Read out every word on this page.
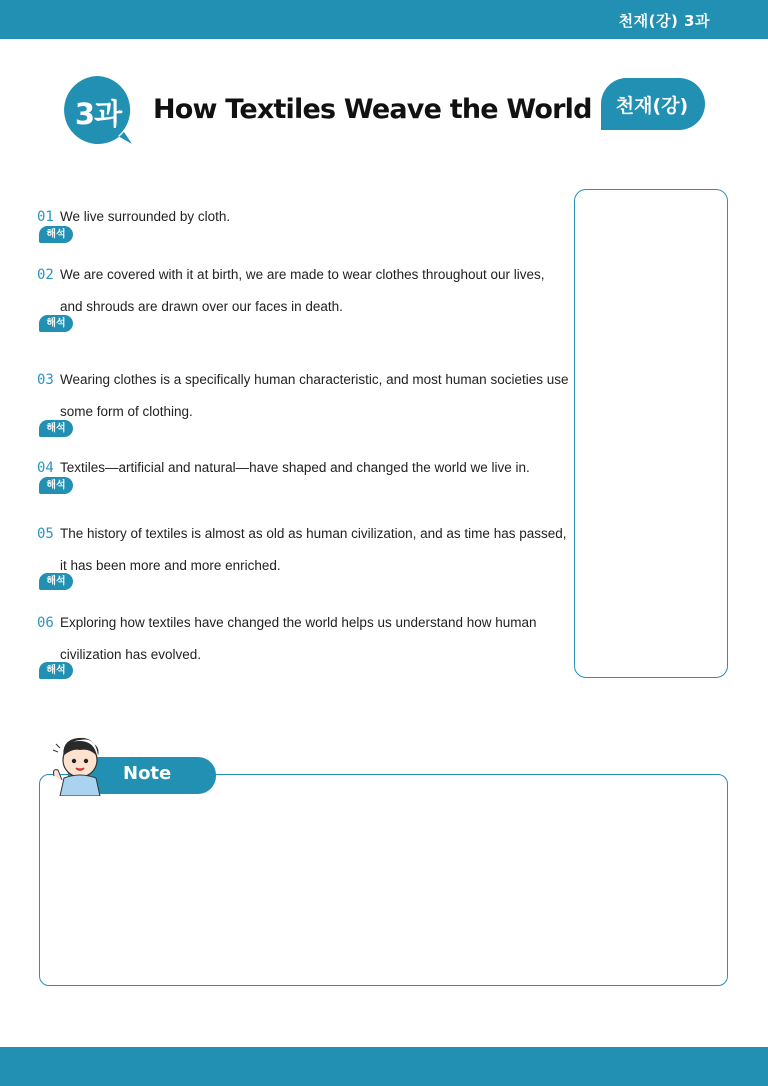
천재(강) 3과
3과	How Textiles Weave the World	천재(강)
01 We live surrounded by cloth.
해석
02 We are covered with it at birth, we are made to wear clothes throughout our lives, and shrouds are drawn over our faces in death.
해석
03 Wearing clothes is a specifically human characteristic, and most human societies use some form of clothing.
해석
04 Textiles—artificial and natural—have shaped and changed the world we live in.
해석
05 The history of textiles is almost as old as human civilization, and as time has passed, it has been more and more enriched.
해석
06 Exploring how textiles have changed the world helps us understand how human civilization has evolved.
해석
Note
